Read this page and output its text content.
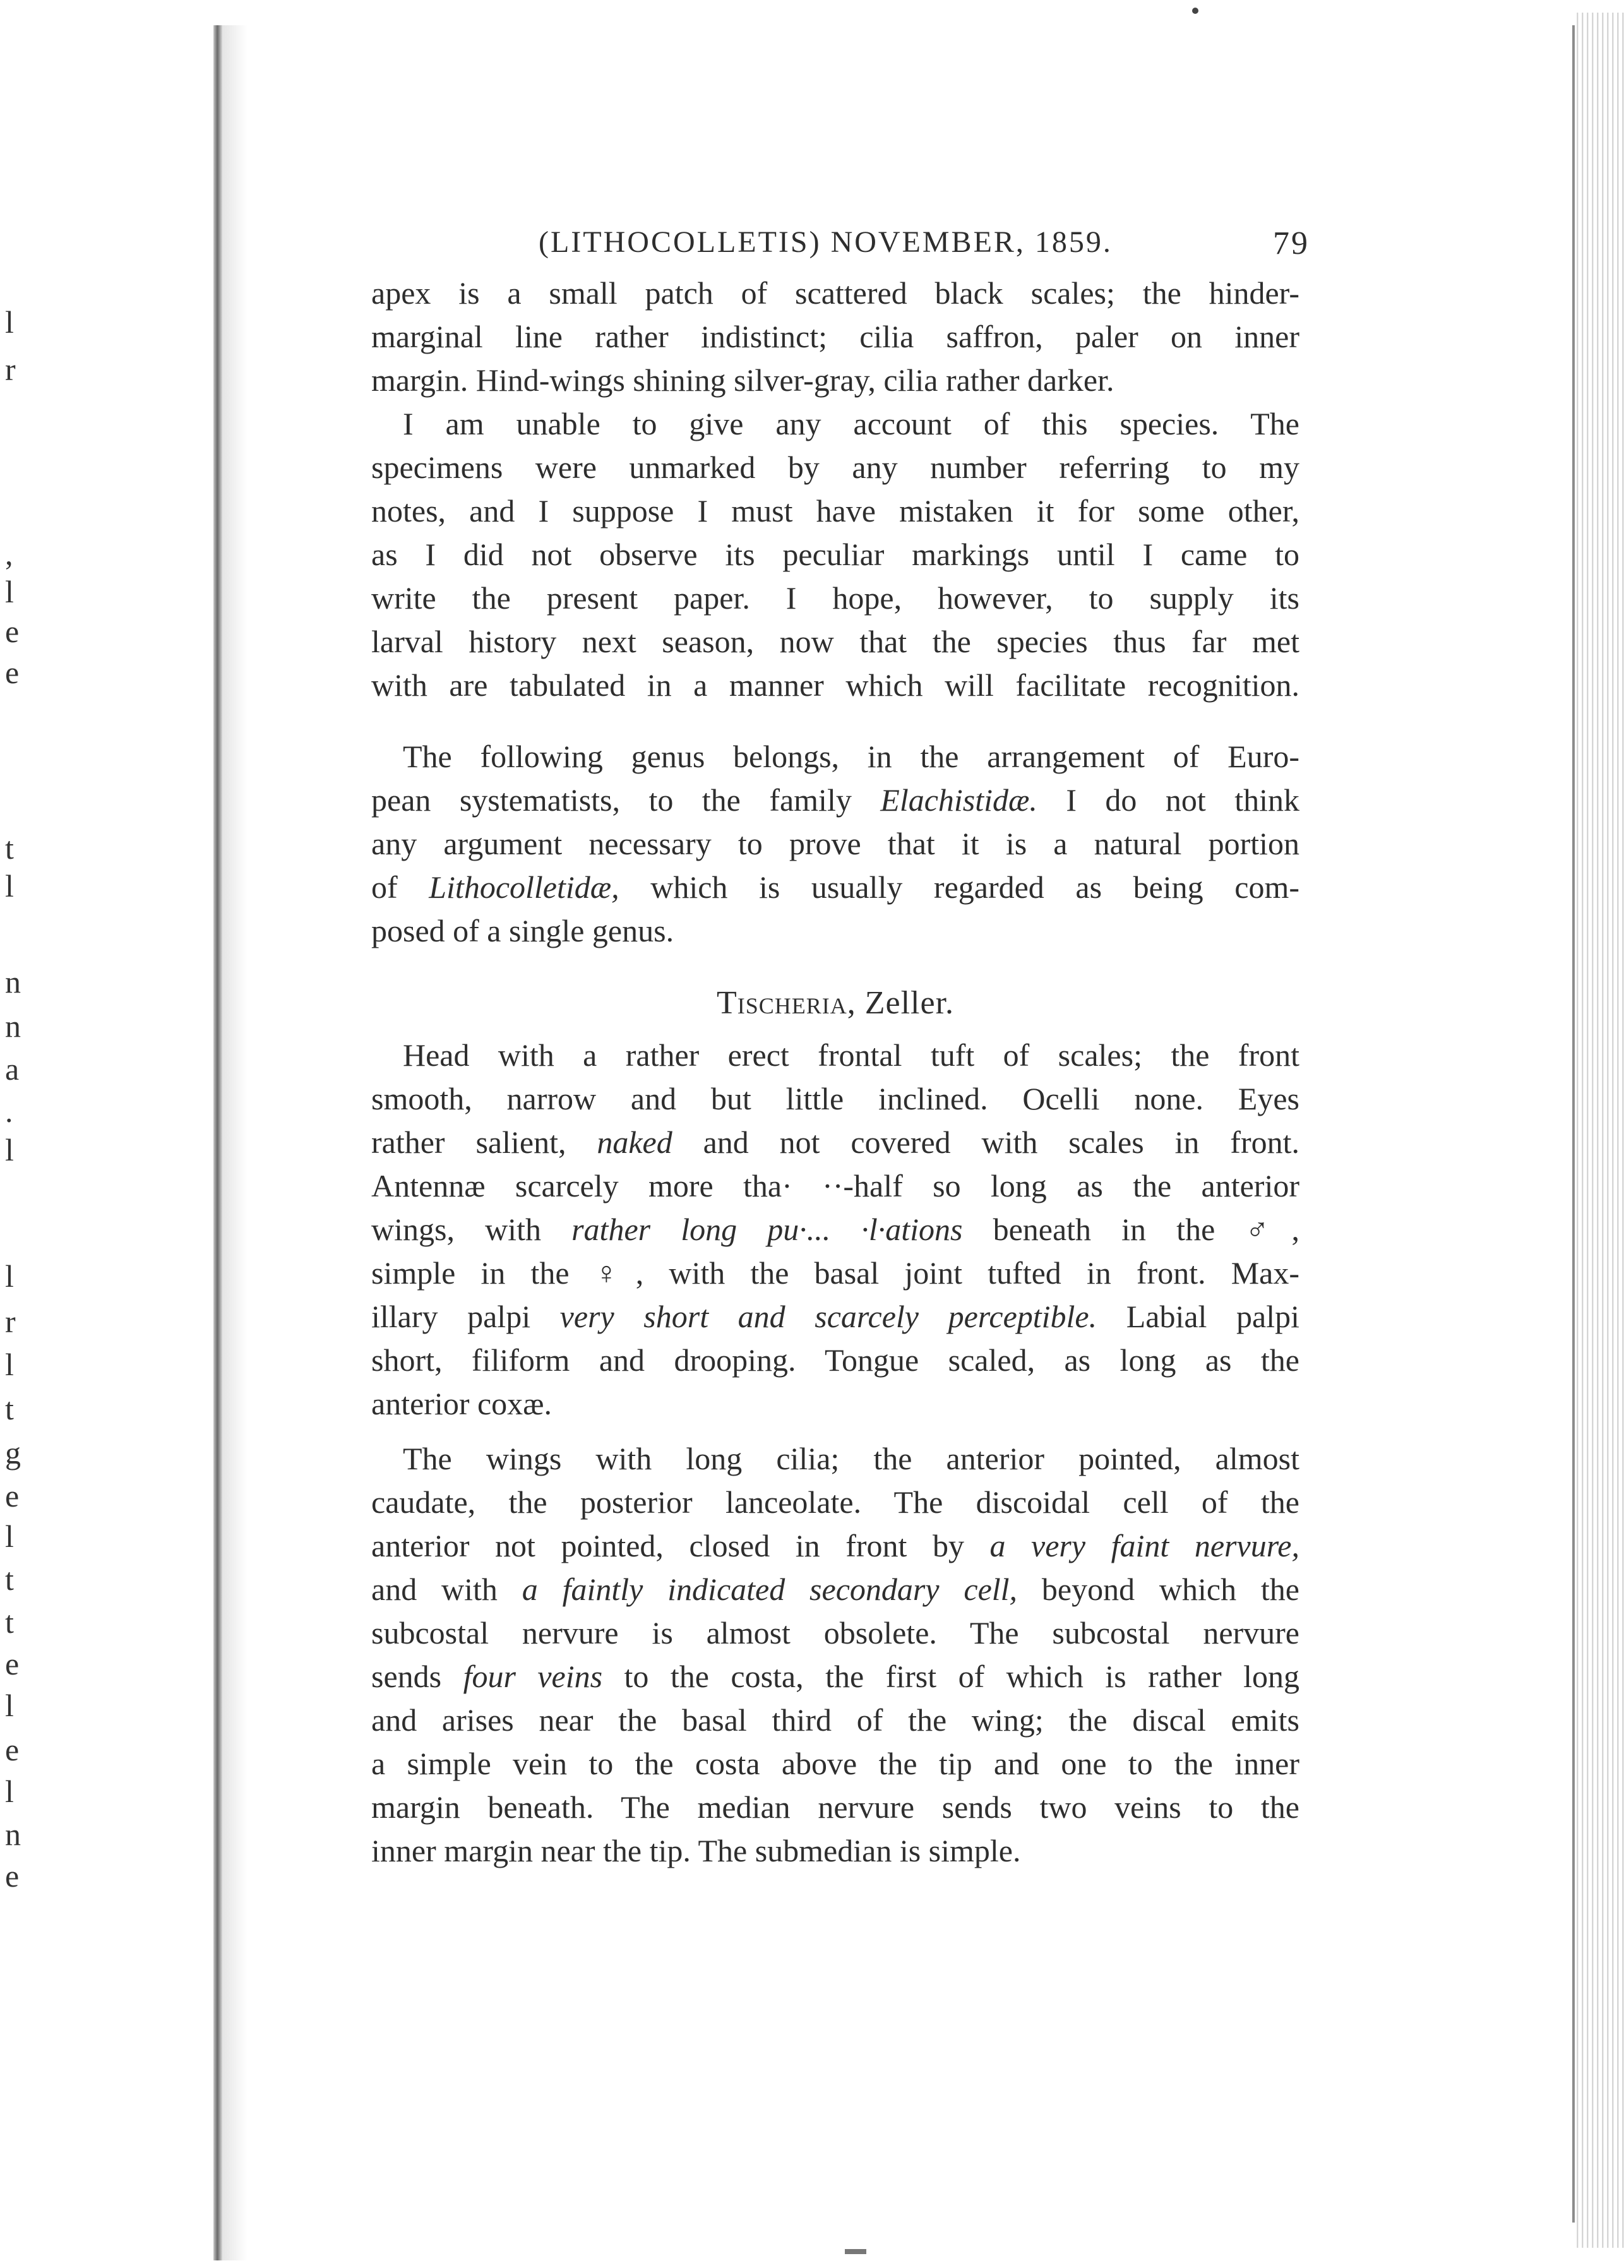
l
r
,
l
e
e
t
l
n
n
a
.
l
l
r
l
t
g
e
l
t
t
e
l
e
l
n
e
(LITHOCOLLETIS) NOVEMBER, 1859.	79
apex is a small patch of scattered black scales; the hinder-
marginal line rather indistinct; cilia saffron, paler on inner
margin. Hind-wings shining silver-gray, cilia rather darker.
I am unable to give any account of this species. The
specimens were unmarked by any number referring to my
notes, and I suppose I must have mistaken it for some other,
as I did not observe its peculiar markings until I came to
write the present paper. I hope, however, to supply its
larval history next season, now that the species thus far met
with are tabulated in a manner which will facilitate recognition.
The following genus belongs, in the arrangement of Euro-
pean systematists, to the family Elachistidæ. I do not think
any argument necessary to prove that it is a natural portion
of Lithocolletidæ, which is usually regarded as being com-
posed of a single genus.
Tischeria, Zeller.
Head with a rather erect frontal tuft of scales; the front
smooth, narrow and but little inclined. Ocelli none. Eyes
rather salient, naked and not covered with scales in front.
Antennæ scarcely more tha· ··-half so long as the anterior
wings, with rather long pu·... ·l·ations beneath in the ♂,
simple in the ♀, with the basal joint tufted in front. Max-
illary palpi very short and scarcely perceptible. Labial palpi
short, filiform and drooping. Tongue scaled, as long as the
anterior coxæ.
The wings with long cilia; the anterior pointed, almost
caudate, the posterior lanceolate. The discoidal cell of the
anterior not pointed, closed in front by a very faint nervure,
and with a faintly indicated secondary cell, beyond which the
subcostal nervure is almost obsolete. The subcostal nervure
sends four veins to the costa, the first of which is rather long
and arises near the basal third of the wing; the discal emits
a simple vein to the costa above the tip and one to the inner
margin beneath. The median nervure sends two veins to the
inner margin near the tip. The submedian is simple.
